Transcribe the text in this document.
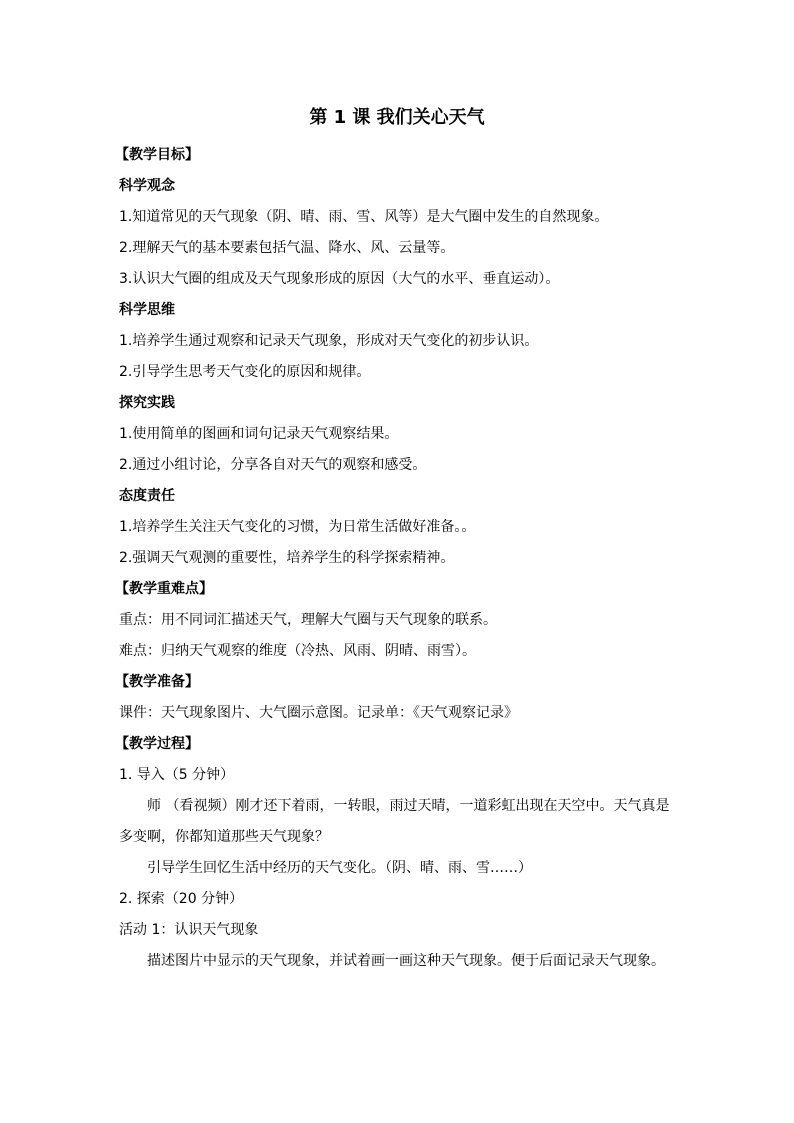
第 1 课 我们关心天气

【教学目标】

科学观念

1.知道常见的天气现象（阴、晴、雨、雪、风等）是大气圈中发生的自然现象。

2.理解天气的基本要素包括气温、降水、风、云量等。

3.认识大气圈的组成及天气现象形成的原因（大气的水平、垂直运动）。

科学思维

1.培养学生通过观察和记录天气现象，形成对天气变化的初步认识。

2.引导学生思考天气变化的原因和规律。

探究实践

1.使用简单的图画和词句记录天气观察结果。

2.通过小组讨论，分享各自对天气的观察和感受。

态度责任

1.培养学生关注天气变化的习惯，为日常生活做好准备。。

2.强调天气观测的重要性，培养学生的科学探索精神。

【教学重难点】

重点：用不同词汇描述天气，理解大气圈与天气现象的联系。

难点：归纳天气观察的维度（冷热、风雨、阴晴、雨雪）。

【教学准备】

课件：天气现象图片、大气圈示意图。记录单：《天气观察记录》

【教学过程】

1. 导入（5 分钟）

师 （看视频）刚才还下着雨，一转眼，雨过天晴，一道彩虹出现在天空中。天气真是多变啊，你都知道那些天气现象？

引导学生回忆生活中经历的天气变化。（阴、晴、雨、雪……）

2. 探索（20 分钟）

活动 1：认识天气现象

描述图片中显示的天气现象，并试着画一画这种天气现象。便于后面记录天气现象。
